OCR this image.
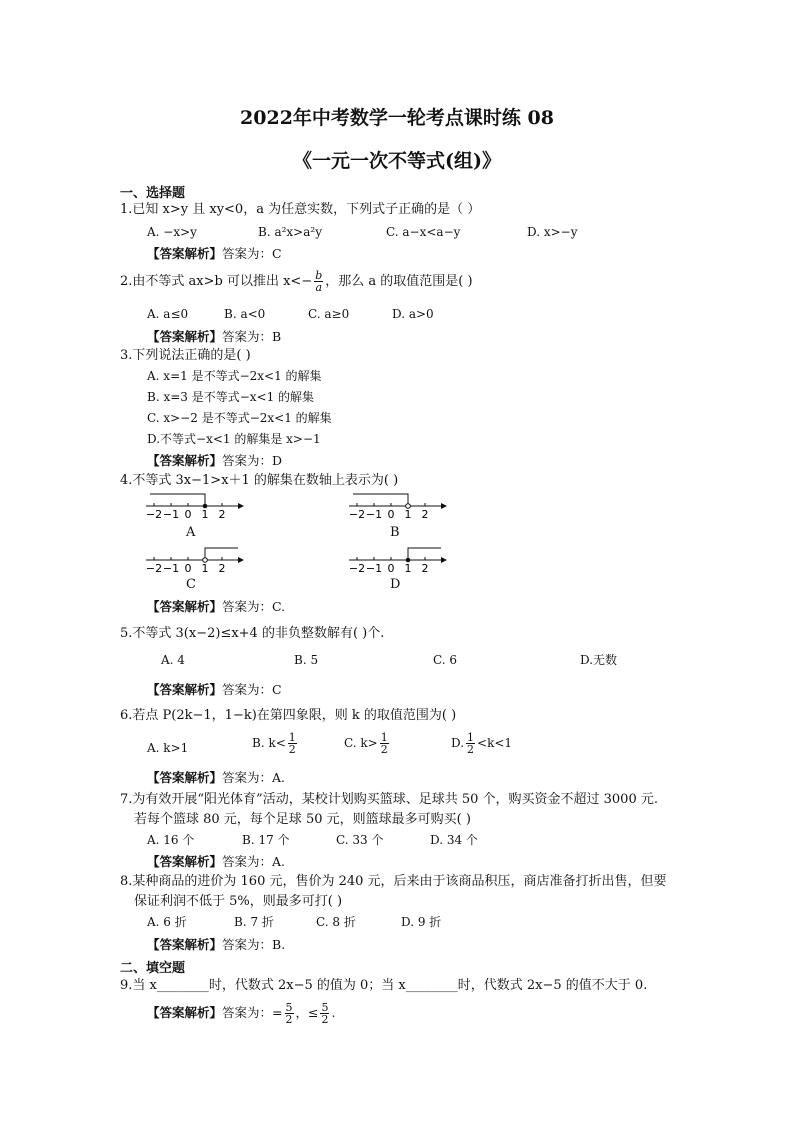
2022年中考数学一轮考点课时练 08
《一元一次不等式(组)》
一、选择题
1.已知 x>y 且 xy<0，a 为任意实数，下列式子正确的是（ ）
A. −x>y	B. a²x>a²y	C. a−x<a−y	D. x>−y
【答案解析】答案为：C
2.由不等式 ax>b 可以推出 $x<- \frac{b}{a}$ ，那么 a 的取值范围是( )
A. a≤0	B. a<0	C. a≥0	D. a>0
【答案解析】答案为：B
3.下列说法正确的是( )
A. x=1 是不等式−2x<1 的解集
B. x=3 是不等式−x<1 的解集
C. x>−2 是不等式−2x<1 的解集
D.不等式−x<1 的解集是 x>−1
【答案解析】答案为：D
4.不等式 3x−1>x＋1 的解集在数轴上表示为( )
−2 −1 0 1 2
A
−2 −1 0 1 2
B
−2 −1 0 1 2
C
−2 −1 0 1 2
D
【答案解析】答案为：C.
5.不等式 3(x−2)≤x+4 的非负整数解有( )个.
A. 4	B. 5	C. 6	D.无数
【答案解析】答案为：C
6.若点 P(2k−1，1−k)在第四象限，则 k 的取值范围为( )
A. k>1	B. $k< \frac{1}{2}$	C. $k> \frac{1}{2}$	D. $\frac{1}{2} <k<1$
【答案解析】答案为：A.
7.为有效开展“阳光体育”活动，某校计划购买篮球、足球共 50 个，购买资金不超过 3000 元.
若每个篮球 80 元，每个足球 50 元，则篮球最多可购买( )
A. 16 个	B. 17 个	C. 33 个	D. 34 个
【答案解析】答案为：A.
8.某种商品的进价为 160 元，售价为 240 元，后来由于该商品积压，商店准备打折出售，但要
保证利润不低于 5%，则最多可打( )
A. 6 折	B. 7 折	C. 8 折	D. 9 折
【答案解析】答案为：B.
二、填空题
9.当 x________时，代数式 2x−5 的值为 0；当 x________时，代数式 2x−5 的值不大于 0.
【答案解析】答案为：= $\frac{5}{2}$ ，≤ $\frac{5}{2}$ .
